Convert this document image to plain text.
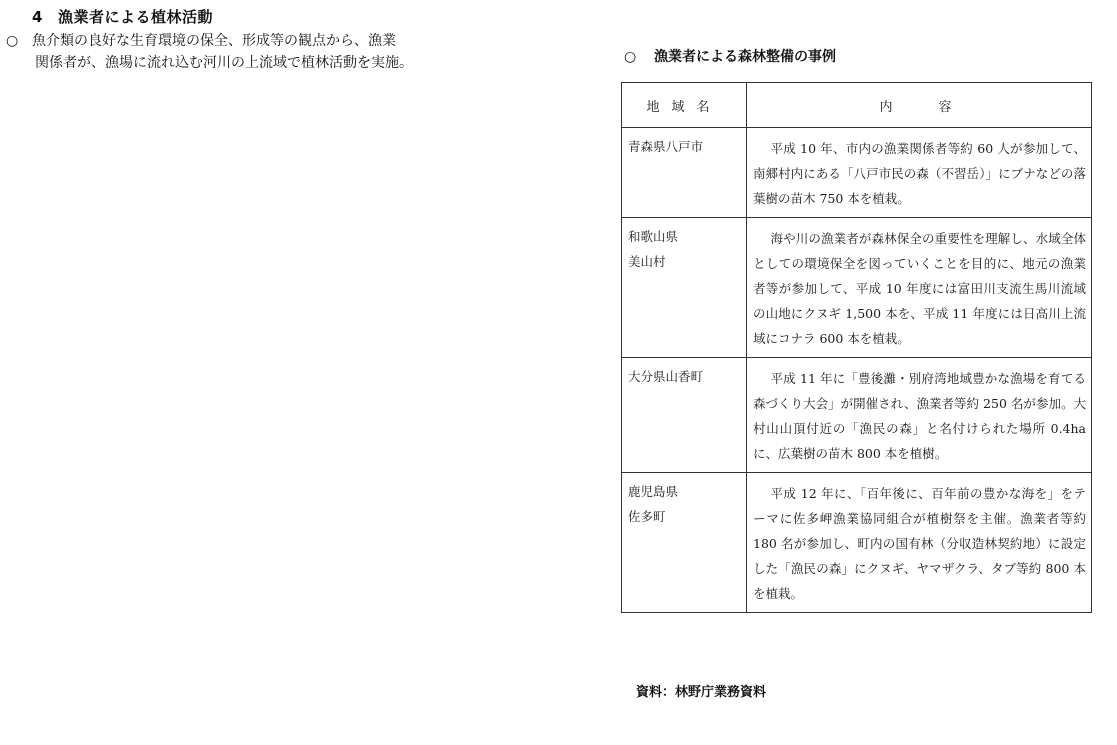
4 漁業者による植林活動
○ 魚介類の良好な生育環境の保全、形成等の観点から、漁業
関係者が、漁場に流れ込む河川の上流域で植林活動を実施。	○ 漁業者による森林整備の事例
地域名	内容
青森県八戸市	平成 10 年、市内の漁業関係者等約 60 人が参加して、南郷村内にある「八戸市民の森（不習岳）」にブナなどの落葉樹の苗木 750 本を植栽。
和歌山県
美山村	海や川の漁業者が森林保全の重要性を理解し、水域全体としての環境保全を図っていくことを目的に、地元の漁業者等が参加して、平成 10 年度には富田川支流生馬川流域の山地にクヌギ 1,500 本を、平成 11 年度には日高川上流域にコナラ 600 本を植栽。
大分県山香町	平成 11 年に「豊後灘・別府湾地域豊かな漁場を育てる森づくり大会」が開催され、漁業者等約 250 名が参加。大村山山頂付近の「漁民の森」と名付けられた場所 0.4ha に、広葉樹の苗木 800 本を植樹。
鹿児島県
佐多町	平成 12 年に、「百年後に、百年前の豊かな海を」をテーマに佐多岬漁業協同組合が植樹祭を主催。漁業者等約 180 名が参加し、町内の国有林（分収造林契約地）に設定した「漁民の森」にクヌギ、ヤマザクラ、タブ等約 800 本を植栽。
資料：林野庁業務資料
